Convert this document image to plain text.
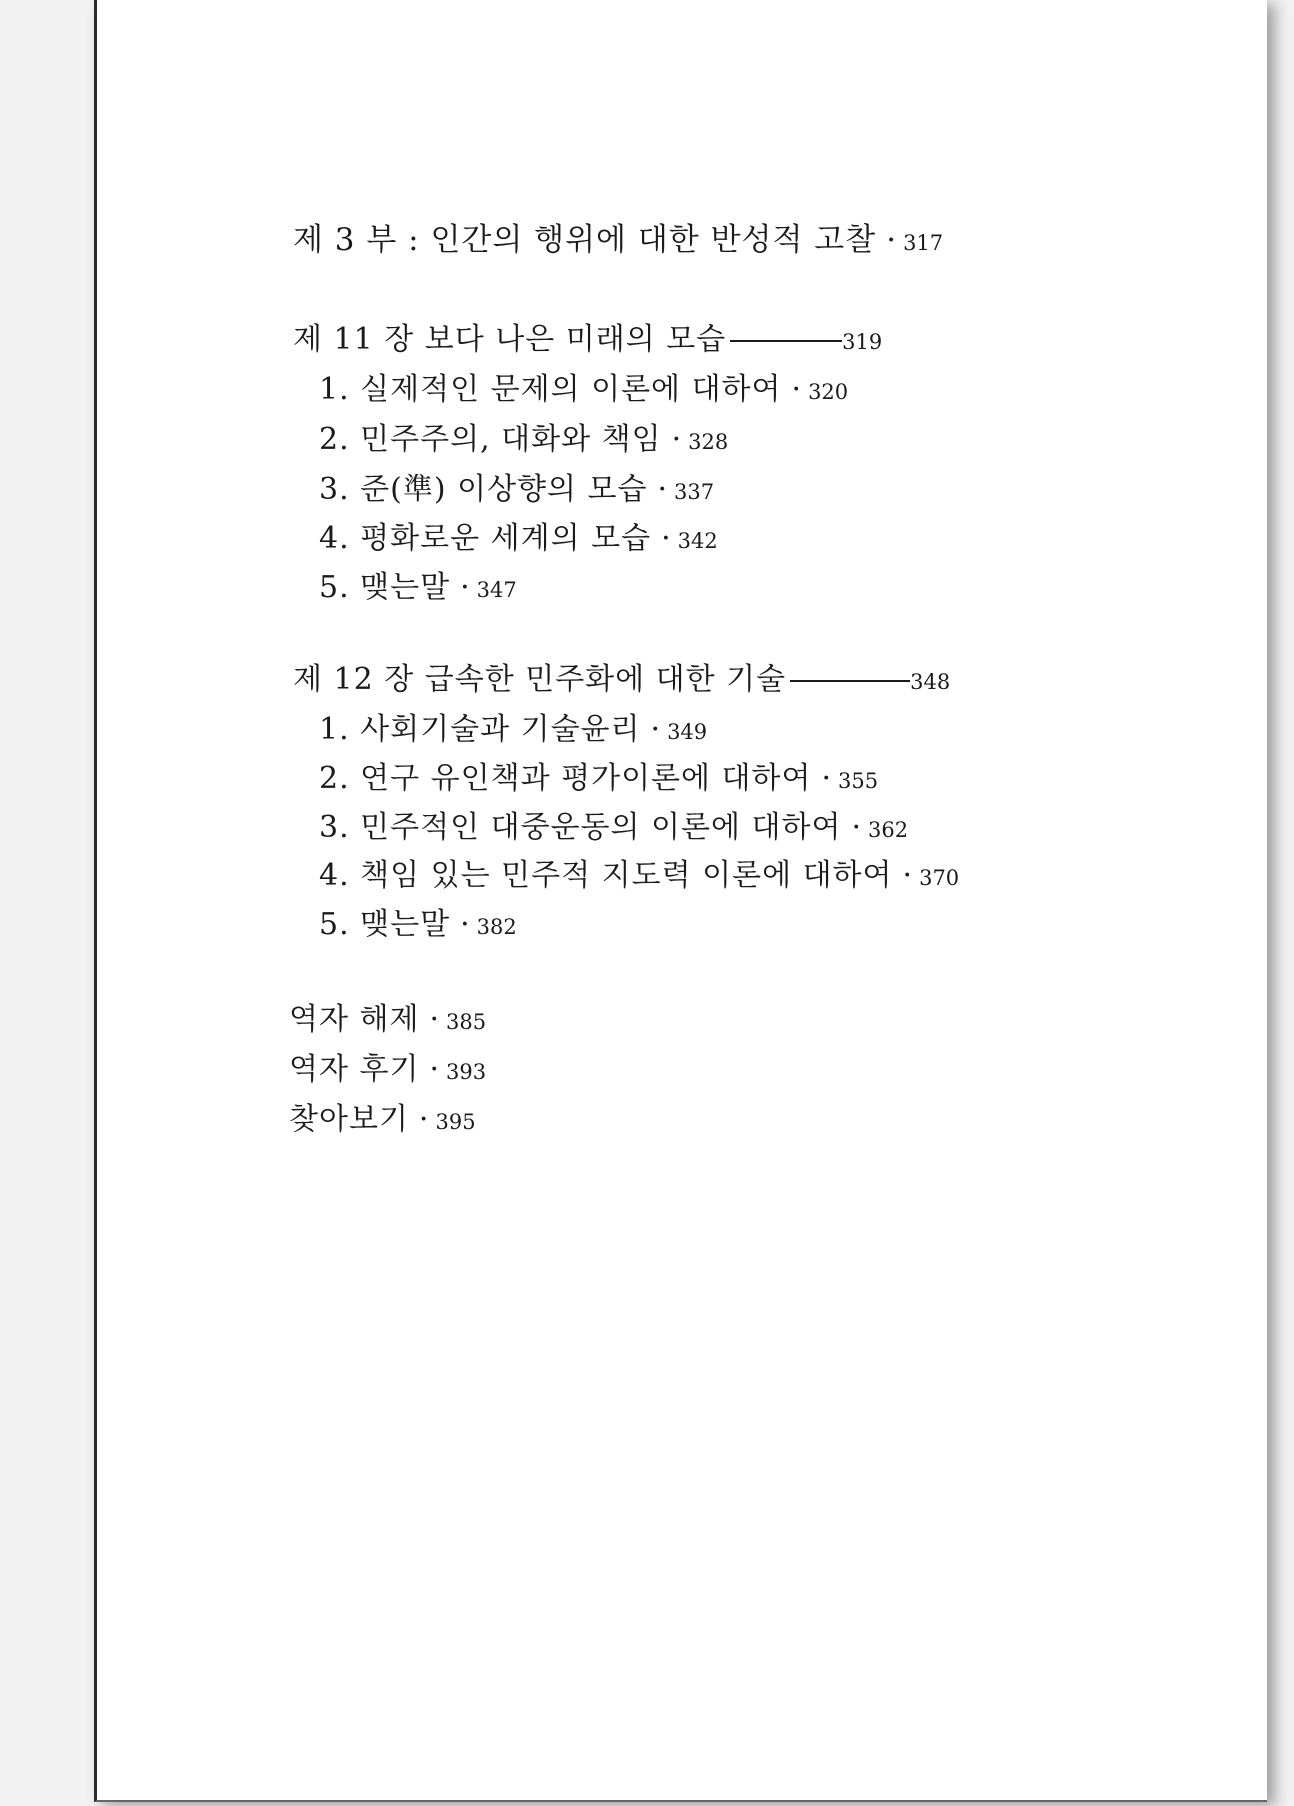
제 3 부 : 인간의 행위에 대한 반성적 고찰 · 317
제 11 장 보다 나은 미래의 모습	319
1. 실제적인 문제의 이론에 대하여 · 320
2. 민주주의, 대화와 책임 · 328
3. 준(準) 이상향의 모습 · 337
4. 평화로운 세계의 모습 · 342
5. 맺는말 · 347
제 12 장 급속한 민주화에 대한 기술	348
1. 사회기술과 기술윤리 · 349
2. 연구 유인책과 평가이론에 대하여 · 355
3. 민주적인 대중운동의 이론에 대하여 · 362
4. 책임 있는 민주적 지도력 이론에 대하여 · 370
5. 맺는말 · 382
역자 해제 · 385
역자 후기 · 393
찾아보기 · 395
